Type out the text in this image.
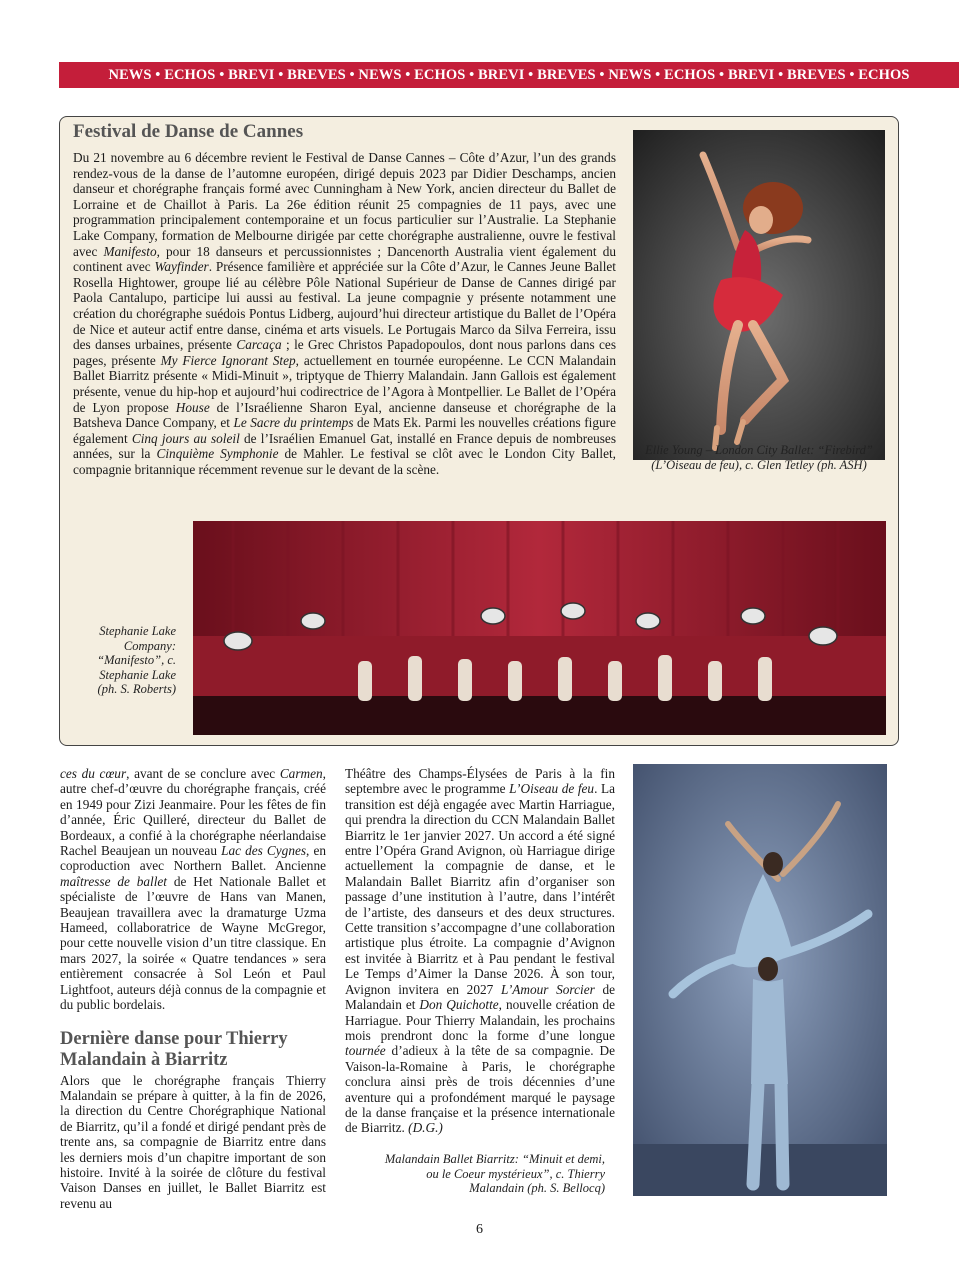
NEWS • ECHOS • BREVI • BREVES • NEWS • ECHOS • BREVI • BREVES • NEWS • ECHOS • BREVI • BREVES • ECHOS
Festival de Danse de Cannes
Du 21 novembre au 6 décembre revient le Festival de Danse Cannes – Côte d’Azur, l’un des grands rendez-vous de la danse de l’automne européen, dirigé depuis 2023 par Didier Deschamps, ancien danseur et chorégraphe français formé avec Cunningham à New York, ancien directeur du Ballet de Lorraine et de Chaillot à Paris. La 26e édition réunit 25 compagnies de 11 pays, avec une programmation principalement contemporaine et un focus particulier sur l’Australie. La Stephanie Lake Company, formation de Melbourne dirigée par cette chorégraphe australienne, ouvre le festival avec Manifesto, pour 18 danseurs et percussionnistes ; Dancenorth Australia vient également du continent avec Wayfinder. Présence familière et appréciée sur la Côte d’Azur, le Cannes Jeune Ballet Rosella Hightower, groupe lié au célèbre Pôle National Supérieur de Danse de Cannes dirigé par Paola Cantalupo, participe lui aussi au festival. La jeune compagnie y présente notamment une création du chorégraphe suédois Pontus Lidberg, aujourd’hui directeur artistique du Ballet de l’Opéra de Nice et auteur actif entre danse, cinéma et arts visuels. Le Portugais Marco da Silva Ferreira, issu des danses urbaines, présente Carcaça ; le Grec Christos Papadopoulos, dont nous parlons dans ces pages, présente My Fierce Ignorant Step, actuellement en tournée européenne. Le CCN Malandain Ballet Biarritz présente « Midi-Minuit », triptyque de Thierry Malandain. Jann Gallois est également présente, venue du hip-hop et aujourd’hui codirectrice de l’Agora à Montpellier. Le Ballet de l’Opéra de Lyon propose House de l’Israélienne Sharon Eyal, ancienne danseuse et chorégraphe de la Batsheva Dance Company, et Le Sacre du printemps de Mats Ek. Parmi les nouvelles créations figure également Cinq jours au soleil de l’Israélien Emanuel Gat, installé en France depuis de nombreuses années, sur la Cinquième Symphonie de Mahler. Le festival se clôt avec le London City Ballet, compagnie britannique récemment revenue sur le devant de la scène.
Ellie Young – London City Ballet: “Firebird” (L’Oiseau de feu), c. Glen Tetley (ph. ASH)
Stephanie Lake Company: “Manifesto”, c. Stephanie Lake (ph. S. Roberts)

ces du cœur, avant de se conclure avec Carmen, autre chef-d’œuvre du chorégraphe français, créé en 1949 pour Zizi Jeanmaire. Pour les fêtes de fin d’année, Éric Quilleré, directeur du Ballet de Bordeaux, a confié à la chorégraphe néerlandaise Rachel Beaujean un nouveau Lac des Cygnes, en coproduction avec Northern Ballet. Ancienne maîtresse de ballet de Het Nationale Ballet et spécialiste de l’œuvre de Hans van Manen, Beaujean travaillera avec la dramaturge Uzma Hameed, collaboratrice de Wayne McGregor, pour cette nouvelle vision d’un titre classique. En mars 2027, la soirée « Quatre tendances » sera entièrement consacrée à Sol León et Paul Lightfoot, auteurs déjà connus de la compagnie et du public bordelais.

Dernière danse pour Thierry Malandain à Biarritz

Alors que le chorégraphe français Thierry Malandain se prépare à quitter, à la fin de 2026, la direction du Centre Chorégraphique National de Biarritz, qu’il a fondé et dirigé pendant près de trente ans, sa compagnie de Biarritz entre dans les derniers mois d’un chapitre important de son histoire. Invité à la soirée de clôture du festival Vaison Danses en juillet, le Ballet Biarritz est revenu au

Théâtre des Champs-Élysées de Paris à la fin septembre avec le programme L’Oiseau de feu. La transition est déjà engagée avec Martin Harriague, qui prendra la direction du CCN Malandain Ballet Biarritz le 1er janvier 2027. Un accord a été signé entre l’Opéra Grand Avignon, où Harriague dirige actuellement la compagnie de danse, et le Malandain Ballet Biarritz afin d’organiser son passage d’une institution à l’autre, dans l’intérêt de l’artiste, des danseurs et des deux structures. Cette transition s’accompagne d’une collaboration artistique plus étroite. La compagnie d’Avignon est invitée à Biarritz et à Pau pendant le festival Le Temps d’Aimer la Danse 2026. À son tour, Avignon invitera en 2027 L’Amour Sorcier de Malandain et Don Quichotte, nouvelle création de Harriague. Pour Thierry Malandain, les prochains mois prendront donc la forme d’une longue tournée d’adieux à la tête de sa compagnie. De Vaison-la-Romaine à Paris, le chorégraphe conclura ainsi près de trois décennies d’une aventure qui a profondément marqué le paysage de la danse française et la présence internationale de Biarritz. (D.G.)

Malandain Ballet Biarritz: “Minuit et demi, ou le Coeur mystérieux”, c. Thierry Malandain (ph. S. Bellocq)
6
